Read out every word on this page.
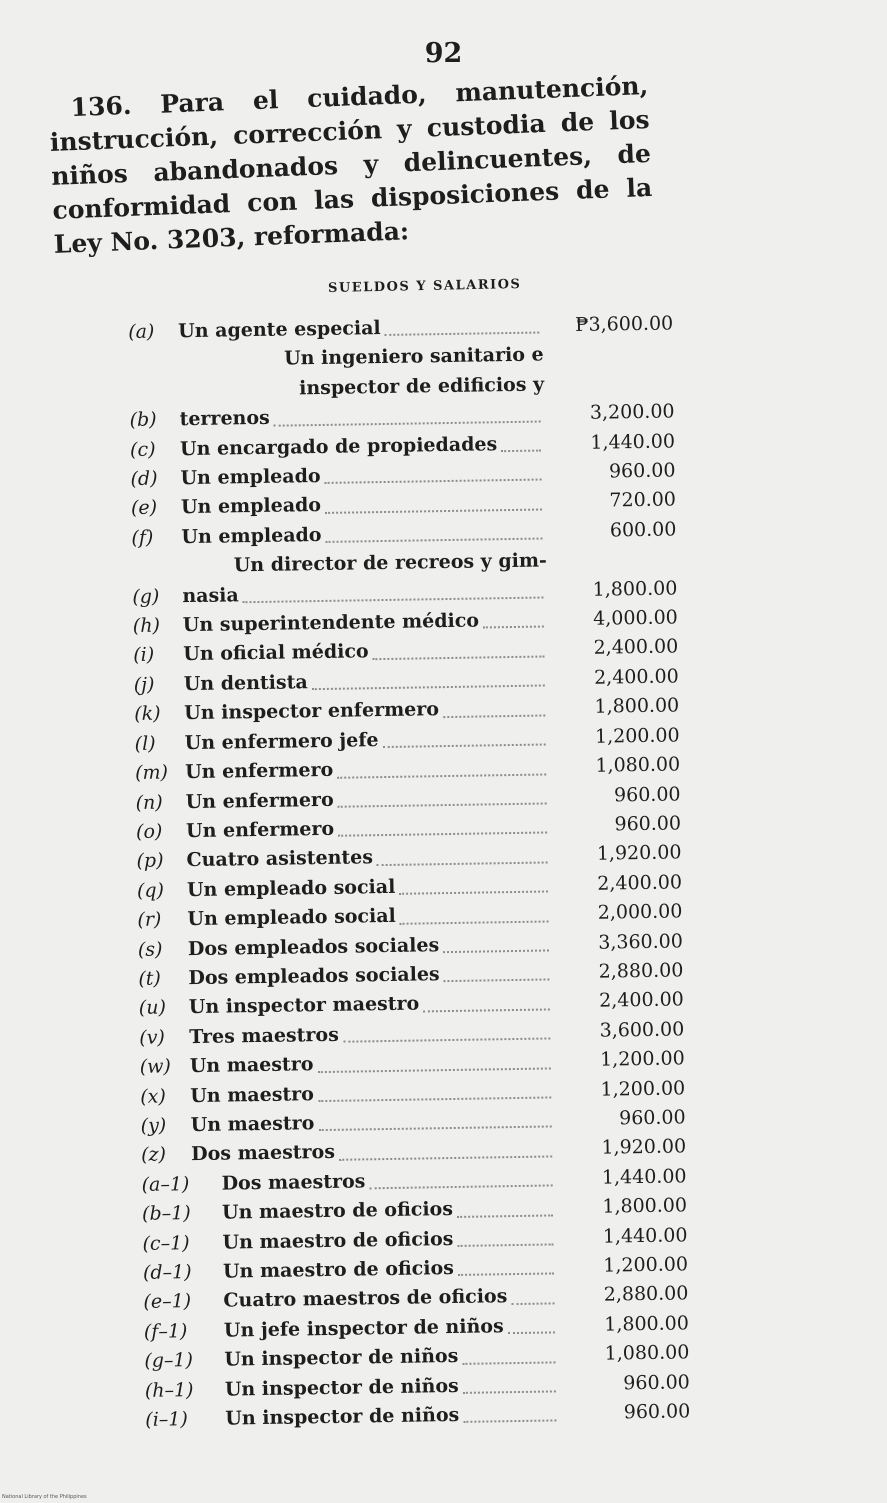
92
136. Para el cuidado, manutención, instrucción, corrección y custodia de los niños abandonados y delincuentes, de conformidad con las disposiciones de la Ley No. 3203, reformada:
SUELDOS Y SALARIOS
(a)	Un agente especial	₱3,600.00
(b)
Un ingeniero sanitario e
inspector de edificios y
terrenos	3,200.00
(c)	Un encargado de propiedades	1,440.00
(d)	Un empleado	960.00
(e)	Un empleado	720.00
(f)	Un empleado	600.00
(g)
Un director de recreos y gim-
nasia	1,800.00
(h)	Un superintendente médico	4,000.00
(i)	Un oficial médico	2,400.00
(j)	Un dentista	2,400.00
(k)	Un inspector enfermero	1,800.00
(l)	Un enfermero jefe	1,200.00
(m) Un enfermero	1,080.00
(n)	Un enfermero	960.00
(o)	Un enfermero	960.00
(p)	Cuatro asistentes	1,920.00
(q)	Un empleado social	2,400.00
(r)	Un empleado social	2,000.00
(s)	Dos empleados sociales	3,360.00
(t)	Dos empleados sociales	2,880.00
(u)	Un inspector maestro	2,400.00
(v)	Tres maestros	3,600.00
(w) Un maestro	1,200.00
(x)	Un maestro	1,200.00
(y)	Un maestro	960.00
(z)	Dos maestros	1,920.00
(a–1)	Dos maestros	1,440.00
(b–1)	Un maestro de oficios	1,800.00
(c–1)	Un maestro de oficios	1,440.00
(d–1)	Un maestro de oficios	1,200.00
(e–1)	Cuatro maestros de oficios	2,880.00
(f–1)	Un jefe inspector de niños	1,800.00
(g–1)	Un inspector de niños	1,080.00
(h–1)	Un inspector de niños	960.00
(i–1)	Un inspector de niños	960.00
National Library of the Philippines
